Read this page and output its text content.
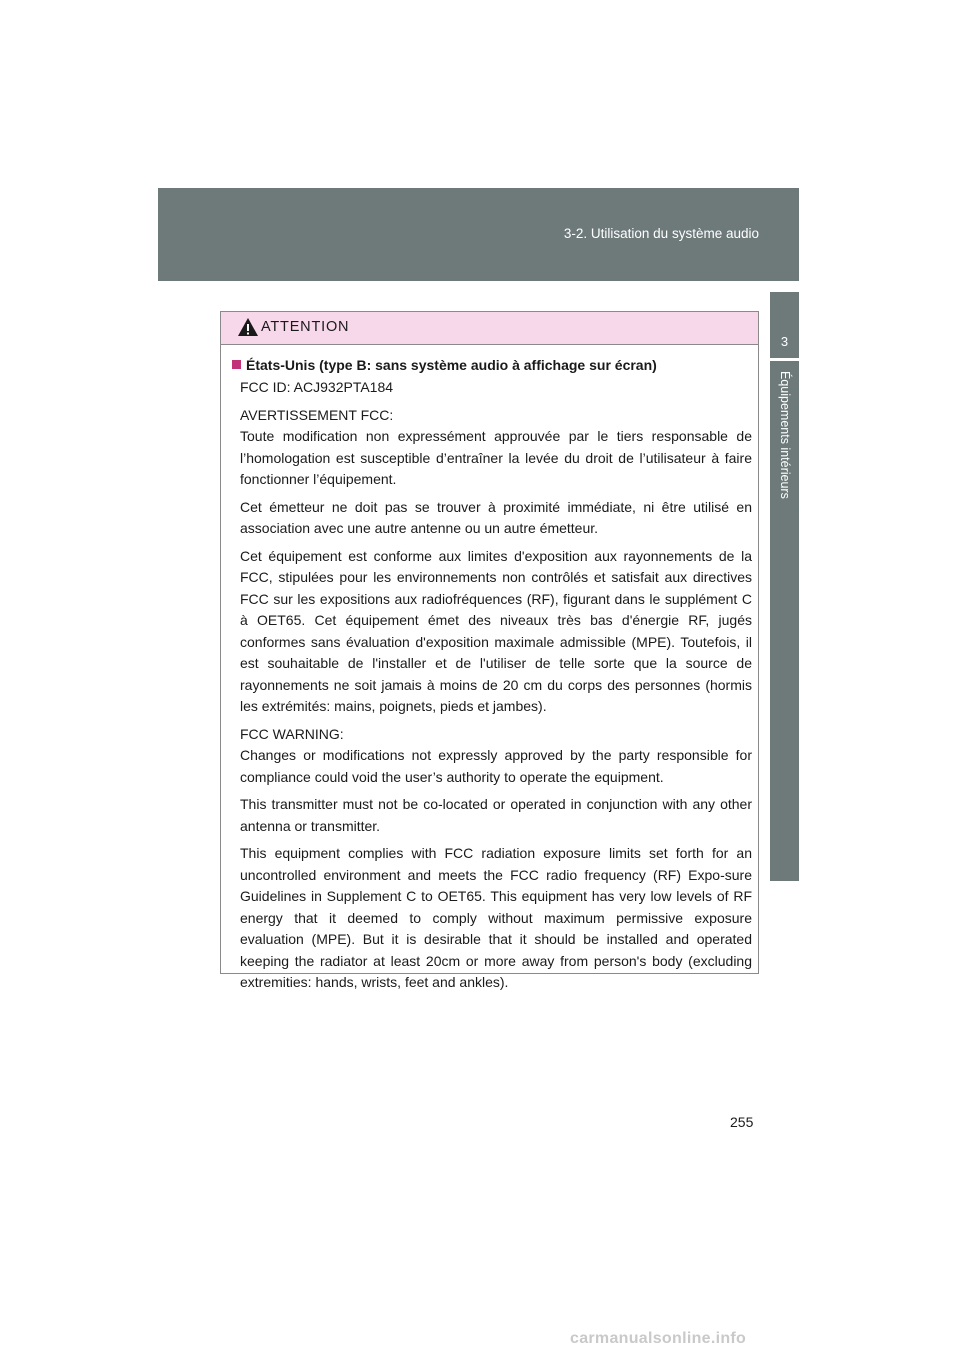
3-2. Utilisation du système audio
3
Équipements intérieurs
ATTENTION
États-Unis (type B: sans système audio à affichage sur écran)

FCC ID: ACJ932PTA184

AVERTISSEMENT FCC:
Toute modification non expressément approuvée par le tiers responsable de l’homologation est susceptible d’entraîner la levée du droit de l’utilisateur à faire fonctionner l’équipement.

Cet émetteur ne doit pas se trouver à proximité immédiate, ni être utilisé en association avec une autre antenne ou un autre émetteur.

Cet équipement est conforme aux limites d'exposition aux rayonnements de la FCC, stipulées pour les environnements non contrôlés et satisfait aux directives FCC sur les expositions aux radiofréquences (RF), figurant dans le supplément C à OET65. Cet équipement émet des niveaux très bas d'énergie RF, jugés conformes sans évaluation d'exposition maximale admissible (MPE). Toutefois, il est souhaitable de l'installer et de l'utiliser de telle sorte que la source de rayonnements ne soit jamais à moins de 20 cm du corps des personnes (hormis les extrémités: mains, poignets, pieds et jambes).

FCC WARNING:
Changes or modifications not expressly approved by the party responsible for compliance could void the user’s authority to operate the equipment.

This transmitter must not be co-located or operated in conjunction with any other antenna or transmitter.

This equipment complies with FCC radiation exposure limits set forth for an uncontrolled environment and meets the FCC radio frequency (RF) Expo-sure Guidelines in Supplement C to OET65. This equipment has very low levels of RF energy that it deemed to comply without maximum permissive exposure evaluation (MPE). But it is desirable that it should be installed and operated keeping the radiator at least 20cm or more away from person's body (excluding extremities: hands, wrists, feet and ankles).

255
carmanualsonline.info
